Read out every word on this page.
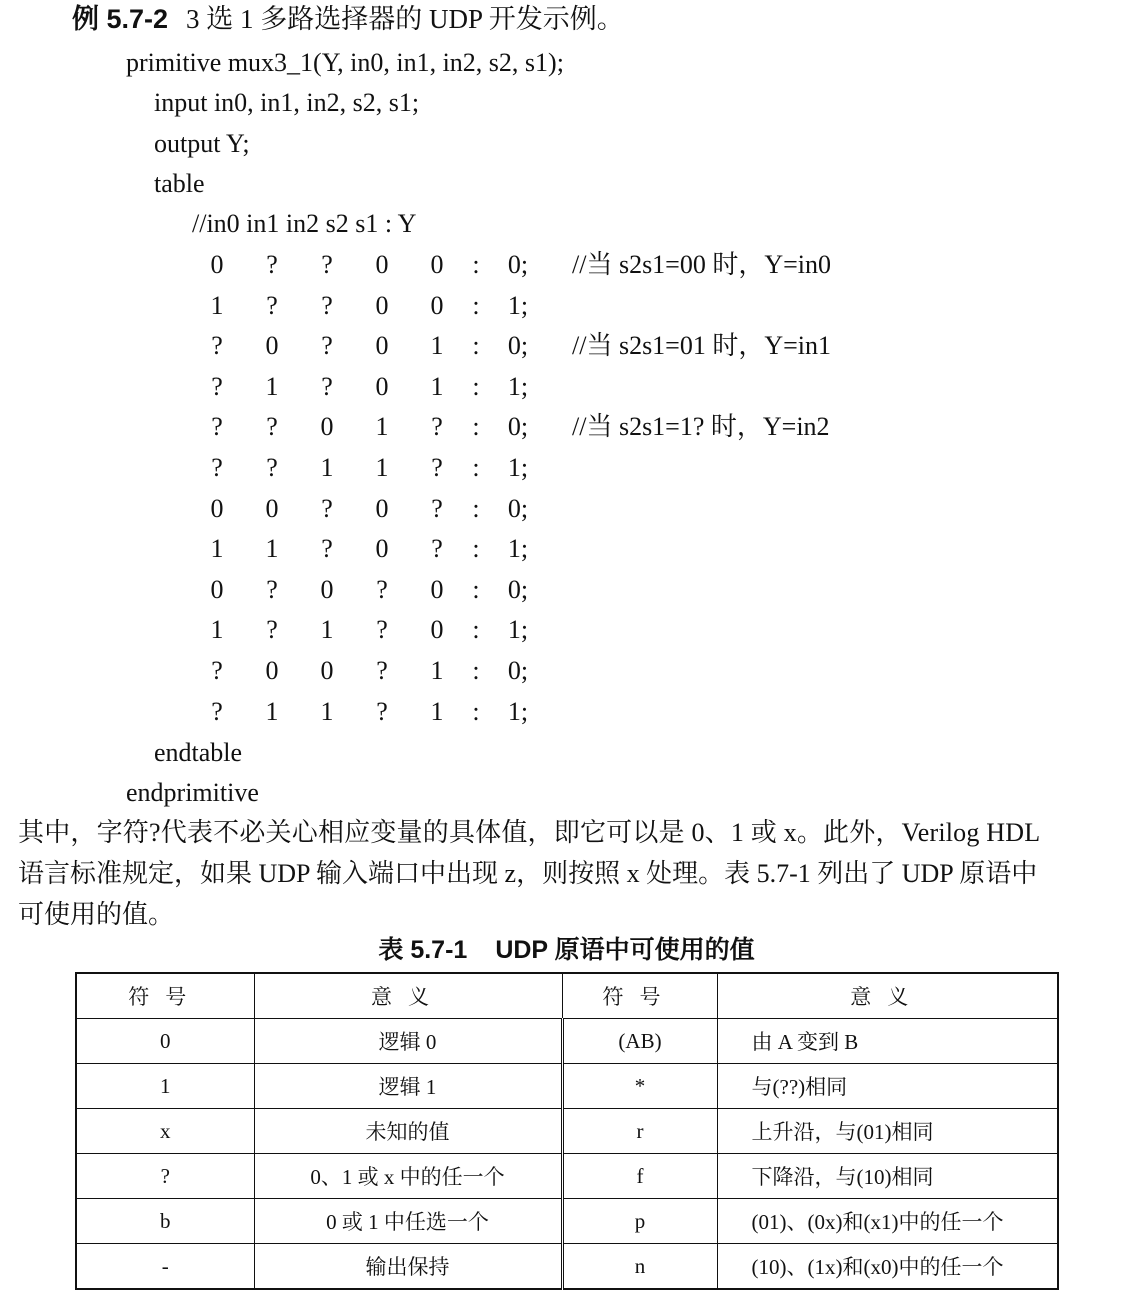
例 5.7-2 3 选 1 多路选择器的 UDP 开发示例。
primitive mux3_1(Y, in0, in1, in2, s2, s1);
input in0, in1, in2, s2, s1;
output Y;
table
//in0 in1 in2 s2 s1 : Y
0	?	?	0	0	:	0; //当 s2s1=00 时，Y=in0
1	?	?	0	0	:	1;
?	0	?	0	1	:	0; //当 s2s1=01 时，Y=in1
?	1	?	0	1	:	1;
?	?	0	1	?	:	0; //当 s2s1=1? 时，Y=in2
?	?	1	1	?	:	1;
0	0	?	0	?	:	0;
1	1	?	0	?	:	1;
0	?	0	?	0	:	0;
1	?	1	?	0	:	1;
?	0	0	?	1	:	0;
?	1	1	?	1	:	1;
endtable
endprimitive
其中，字符?代表不必关心相应变量的具体值，即它可以是 0、1 或 x。此外，Verilog HDL
语言标准规定，如果 UDP 输入端口中出现 z，则按照 x 处理。表 5.7-1 列出了 UDP 原语中
可使用的值。
表 5.7-1 UDP 原语中可使用的值
符号	意义	符号	意义
0	逻辑 0	(AB)	由 A 变到 B
1	逻辑 1	*	与(??)相同
x	未知的值	r	上升沿，与(01)相同
?	0、1 或 x 中的任一个	f	下降沿，与(10)相同
b	0 或 1 中任选一个	p	(01)、(0x)和(x1)中的任一个
-	输出保持	n	(10)、(1x)和(x0)中的任一个
